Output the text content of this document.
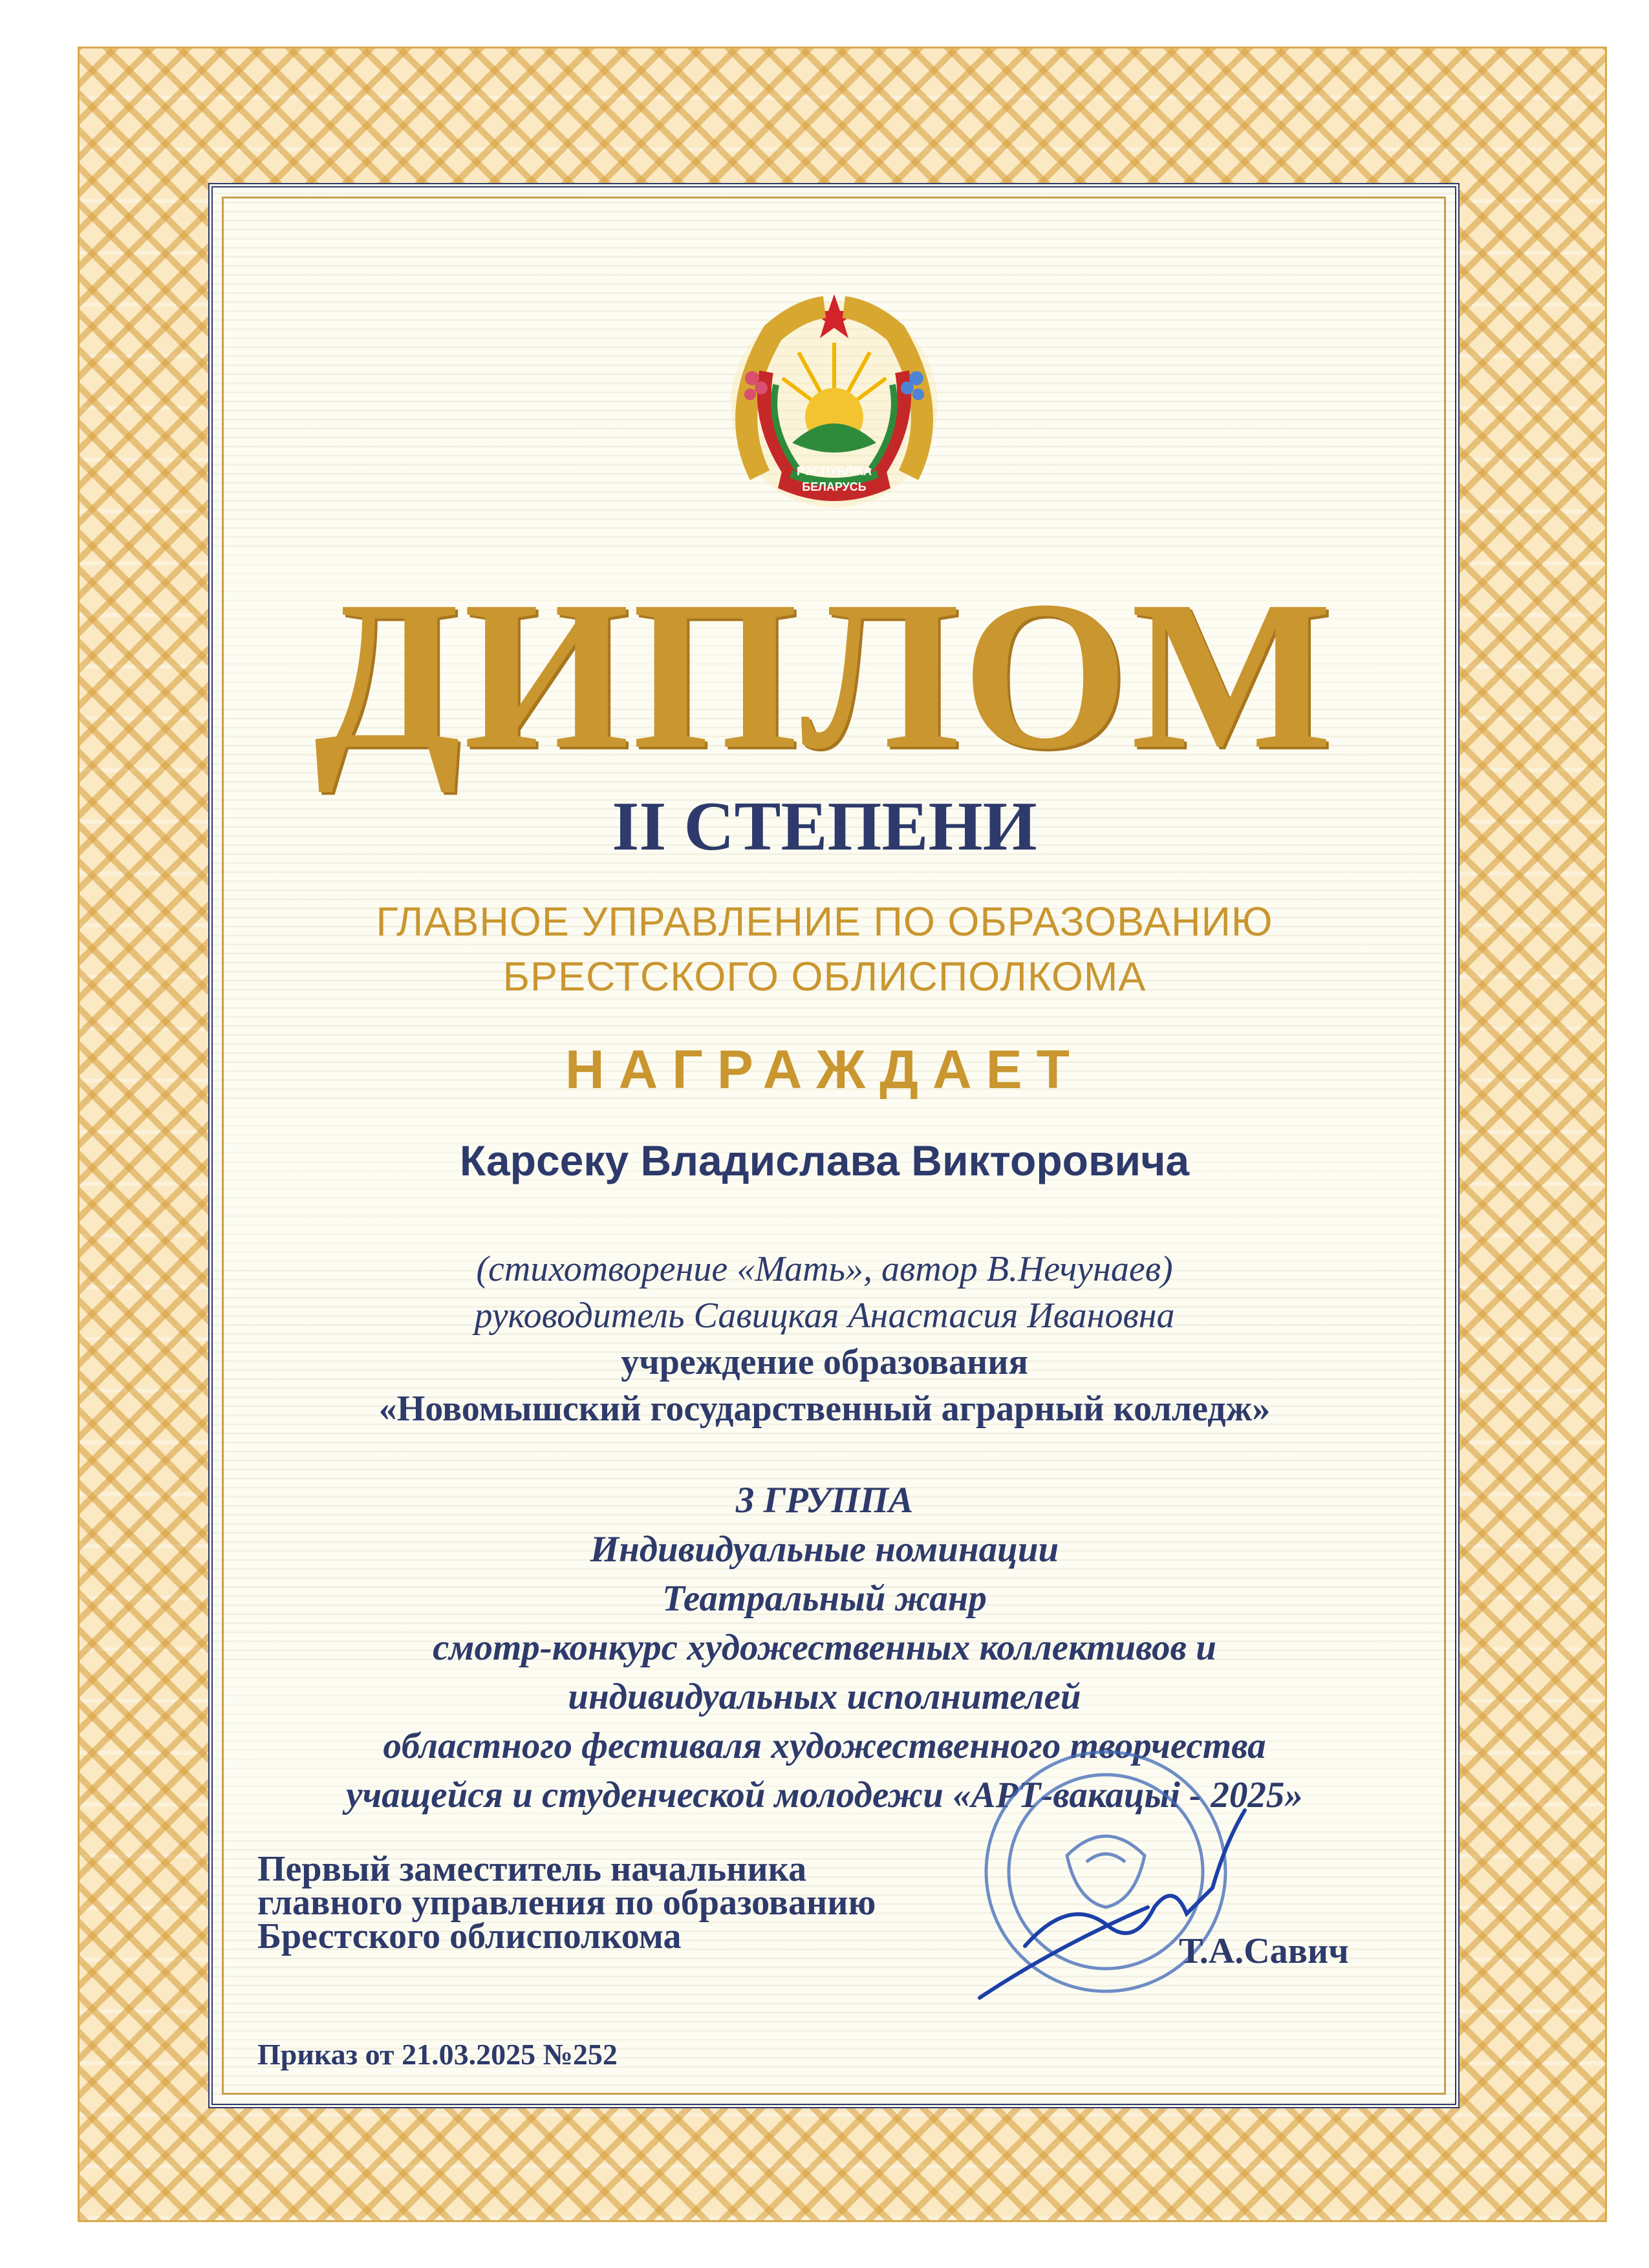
РЭСПУБЛІКА
БЕЛАРУСЬ
ДИПЛОМ
II СТЕПЕНИ
ГЛАВНОЕ УПРАВЛЕНИЕ ПО ОБРАЗОВАНИЮ
БРЕСТСКОГО ОБЛИСПОЛКОМА
НАГРАЖДАЕТ
Карсеку Владислава Викторовича
(стихотворение «Мать», автор В.Нечунаев)
руководитель Савицкая Анастасия Ивановна
учреждение образования
«Новомышский государственный аграрный колледж»
3 ГРУППА
Индивидуальные номинации
Театральный жанр
смотр-конкурс художественных коллективов и
индивидуальных исполнителей
областного фестиваля художественного творчества
учащейся и студенческой молодежи «АРТ-вакацыі - 2025»
Первый заместитель начальника
главного управления по образованию
Брестского облисполкома	Т.А.Савич
Приказ от 21.03.2025 №252
